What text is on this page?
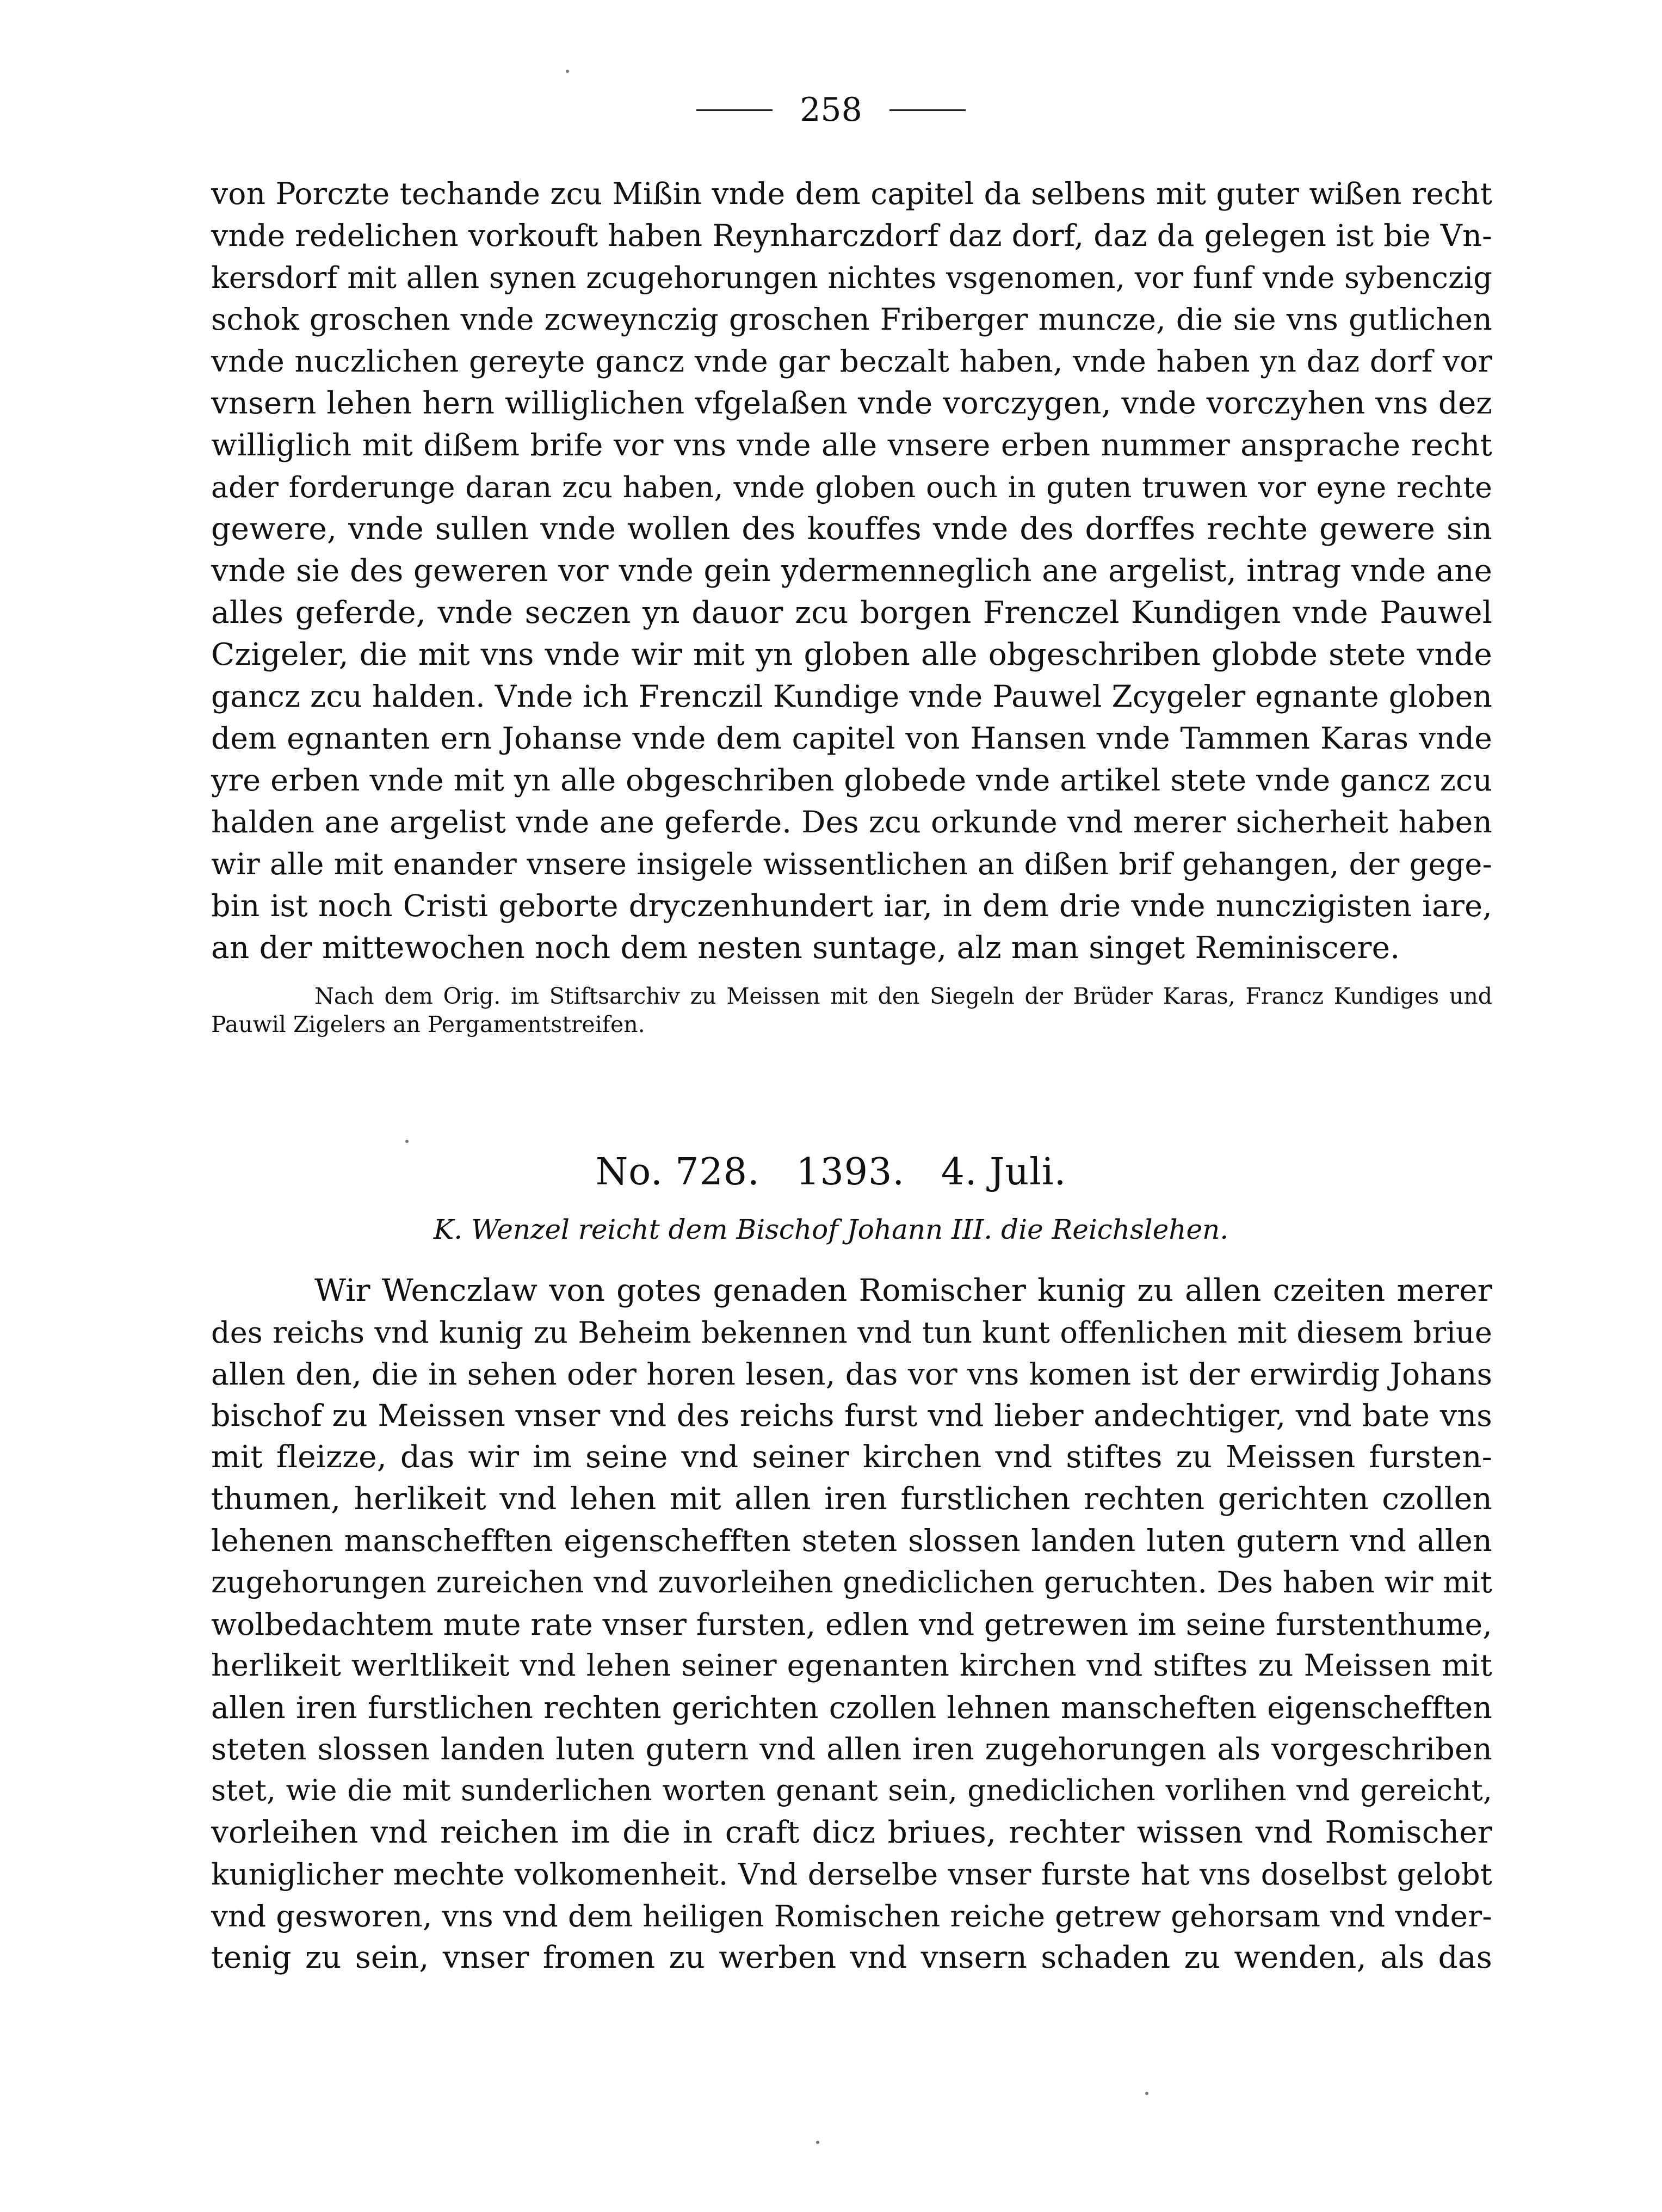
258
von Porczte techande zcu Mißin vnde dem capitel da selbens mit guter wißen recht
vnde redelichen vorkouft haben Reynharczdorf daz dorf, daz da gelegen ist bie Vn-
kersdorf mit allen synen zcugehorungen nichtes vsgenomen, vor funf vnde sybenczig
schok groschen vnde zcweynczig groschen Friberger muncze, die sie vns gutlichen
vnde nuczlichen gereyte gancz vnde gar beczalt haben, vnde haben yn daz dorf vor
vnsern lehen hern williglichen vfgelaßen vnde vorczygen, vnde vorczyhen vns dez
williglich mit dißem brife vor vns vnde alle vnsere erben nummer ansprache recht
ader forderunge daran zcu haben, vnde globen ouch in guten truwen vor eyne rechte
gewere, vnde sullen vnde wollen des kouffes vnde des dorffes rechte gewere sin
vnde sie des geweren vor vnde gein ydermenneglich ane argelist, intrag vnde ane
alles geferde, vnde seczen yn dauor zcu borgen Frenczel Kundigen vnde Pauwel
Czigeler, die mit vns vnde wir mit yn globen alle obgeschriben globde stete vnde
gancz zcu halden. Vnde ich Frenczil Kundige vnde Pauwel Zcygeler egnante globen
dem egnanten ern Johanse vnde dem capitel von Hansen vnde Tammen Karas vnde
yre erben vnde mit yn alle obgeschriben globede vnde artikel stete vnde gancz zcu
halden ane argelist vnde ane geferde. Des zcu orkunde vnd merer sicherheit haben
wir alle mit enander vnsere insigele wissentlichen an dißen brif gehangen, der gege-
bin ist noch Cristi geborte dryczenhundert iar, in dem drie vnde nunczigisten iare,
an der mittewochen noch dem nesten suntage, alz man singet Reminiscere.
Nach dem Orig. im Stiftsarchiv zu Meissen mit den Siegeln der Brüder Karas, Francz Kundiges und
Pauwil Zigelers an Pergamentstreifen.
No. 728. 1393. 4. Juli.
K. Wenzel reicht dem Bischof Johann III. die Reichslehen.
Wir Wenczlaw von gotes genaden Romischer kunig zu allen czeiten merer
des reichs vnd kunig zu Beheim bekennen vnd tun kunt offenlichen mit diesem briue
allen den, die in sehen oder horen lesen, das vor vns komen ist der erwirdig Johans
bischof zu Meissen vnser vnd des reichs furst vnd lieber andechtiger, vnd bate vns
mit fleizze, das wir im seine vnd seiner kirchen vnd stiftes zu Meissen fursten-
thumen, herlikeit vnd lehen mit allen iren furstlichen rechten gerichten czollen
lehenen manschefften eigenschefften steten slossen landen luten gutern vnd allen
zugehorungen zureichen vnd zuvorleihen gnediclichen geruchten. Des haben wir mit
wolbedachtem mute rate vnser fursten, edlen vnd getrewen im seine furstenthume,
herlikeit werltlikeit vnd lehen seiner egenanten kirchen vnd stiftes zu Meissen mit
allen iren furstlichen rechten gerichten czollen lehnen manscheften eigenschefften
steten slossen landen luten gutern vnd allen iren zugehorungen als vorgeschriben
stet, wie die mit sunderlichen worten genant sein, gnediclichen vorlihen vnd gereicht,
vorleihen vnd reichen im die in craft dicz briues, rechter wissen vnd Romischer
kuniglicher mechte volkomenheit. Vnd derselbe vnser furste hat vns doselbst gelobt
vnd gesworen, vns vnd dem heiligen Romischen reiche getrew gehorsam vnd vnder-
tenig zu sein, vnser fromen zu werben vnd vnsern schaden zu wenden, als das
